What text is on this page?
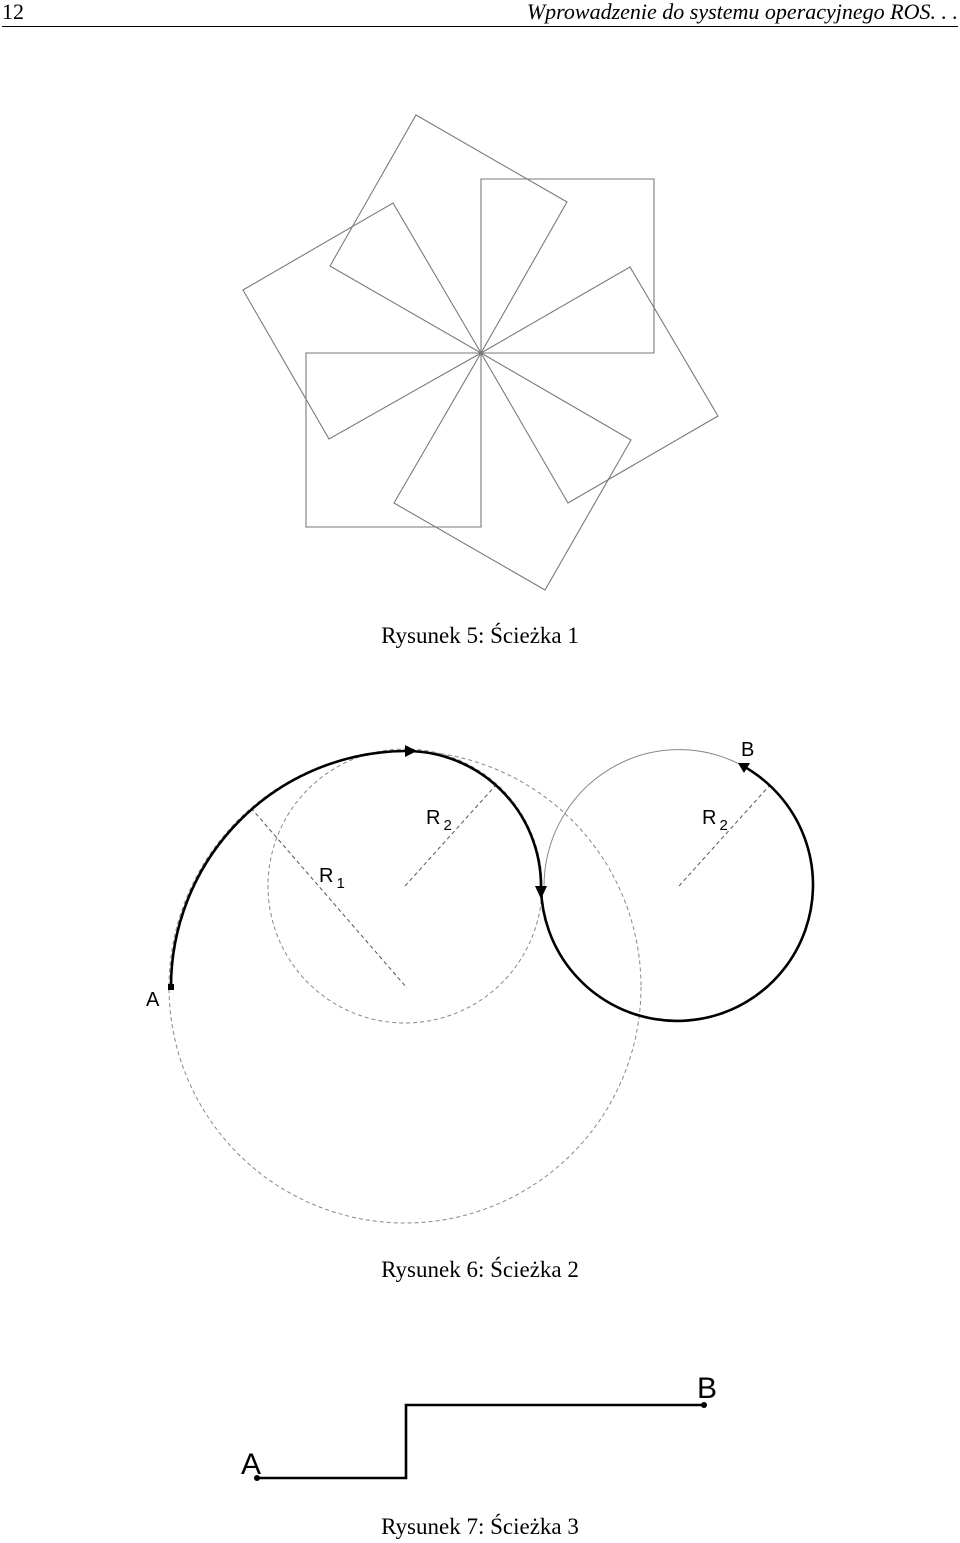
12	Wprowadzenie do systemu operacyjnego ROS. . .
Rysunek 5: Ścieżka 1
A
B
R $_1$
R $_2$	R $_2$
Rysunek 6: Ścieżka 2
A
B
Rysunek 7: Ścieżka 3
